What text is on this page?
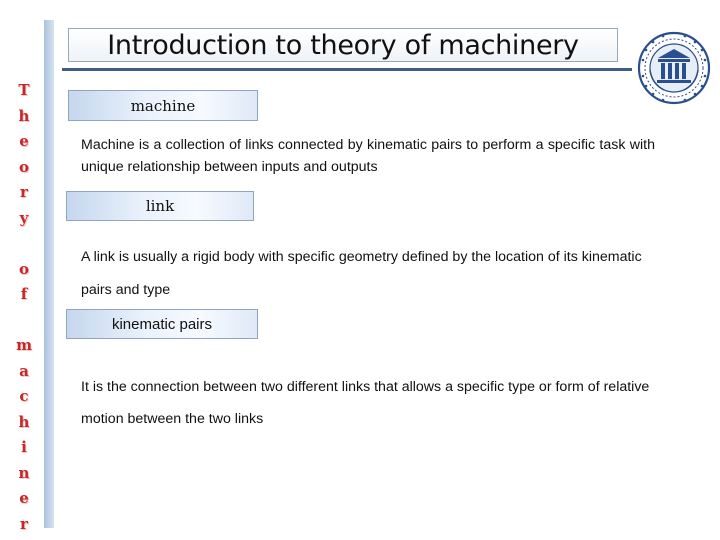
T
h
e
o
r
y
o
f
m
a
c
h
i
n
e
r
Introduction to theory of machinery
machine

Machine is a collection of links connected by kinematic pairs to perform a specific task with unique relationship between inputs and outputs

link

A link is usually a rigid body with specific geometry defined by the location of its kinematic pairs and type

kinematic pairs

It is the connection between two different links that allows a specific type or form of relative motion between the two links
